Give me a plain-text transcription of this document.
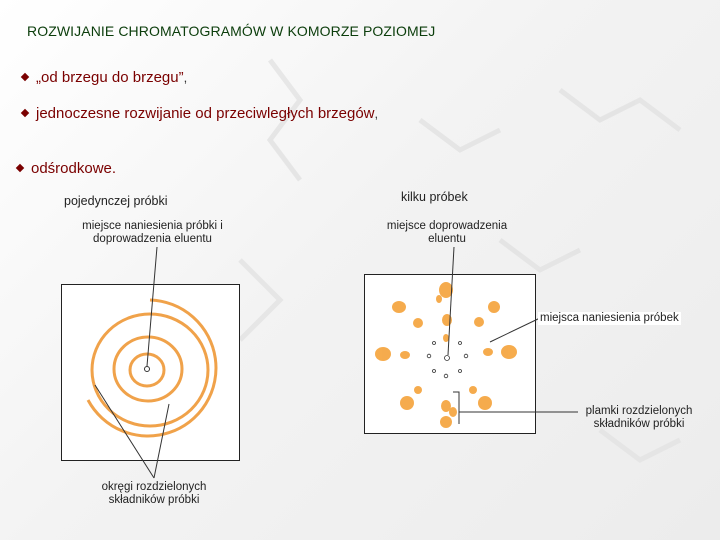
ROZWIJANIE CHROMATOGRAMÓW W KOMORZE POZIOMEJ
„od brzegu do brzegu”,
jednoczesne rozwijanie od przeciwległych brzegów,
odśrodkowe.
pojedynczej próbki	kilku próbek
miejsce naniesienia próbki i doprowadzenia eluentu
miejsce doprowadzenia eluentu
miejsca naniesienia próbek
plamki rozdzielonych składników próbki
okręgi rozdzielonych składników próbki
